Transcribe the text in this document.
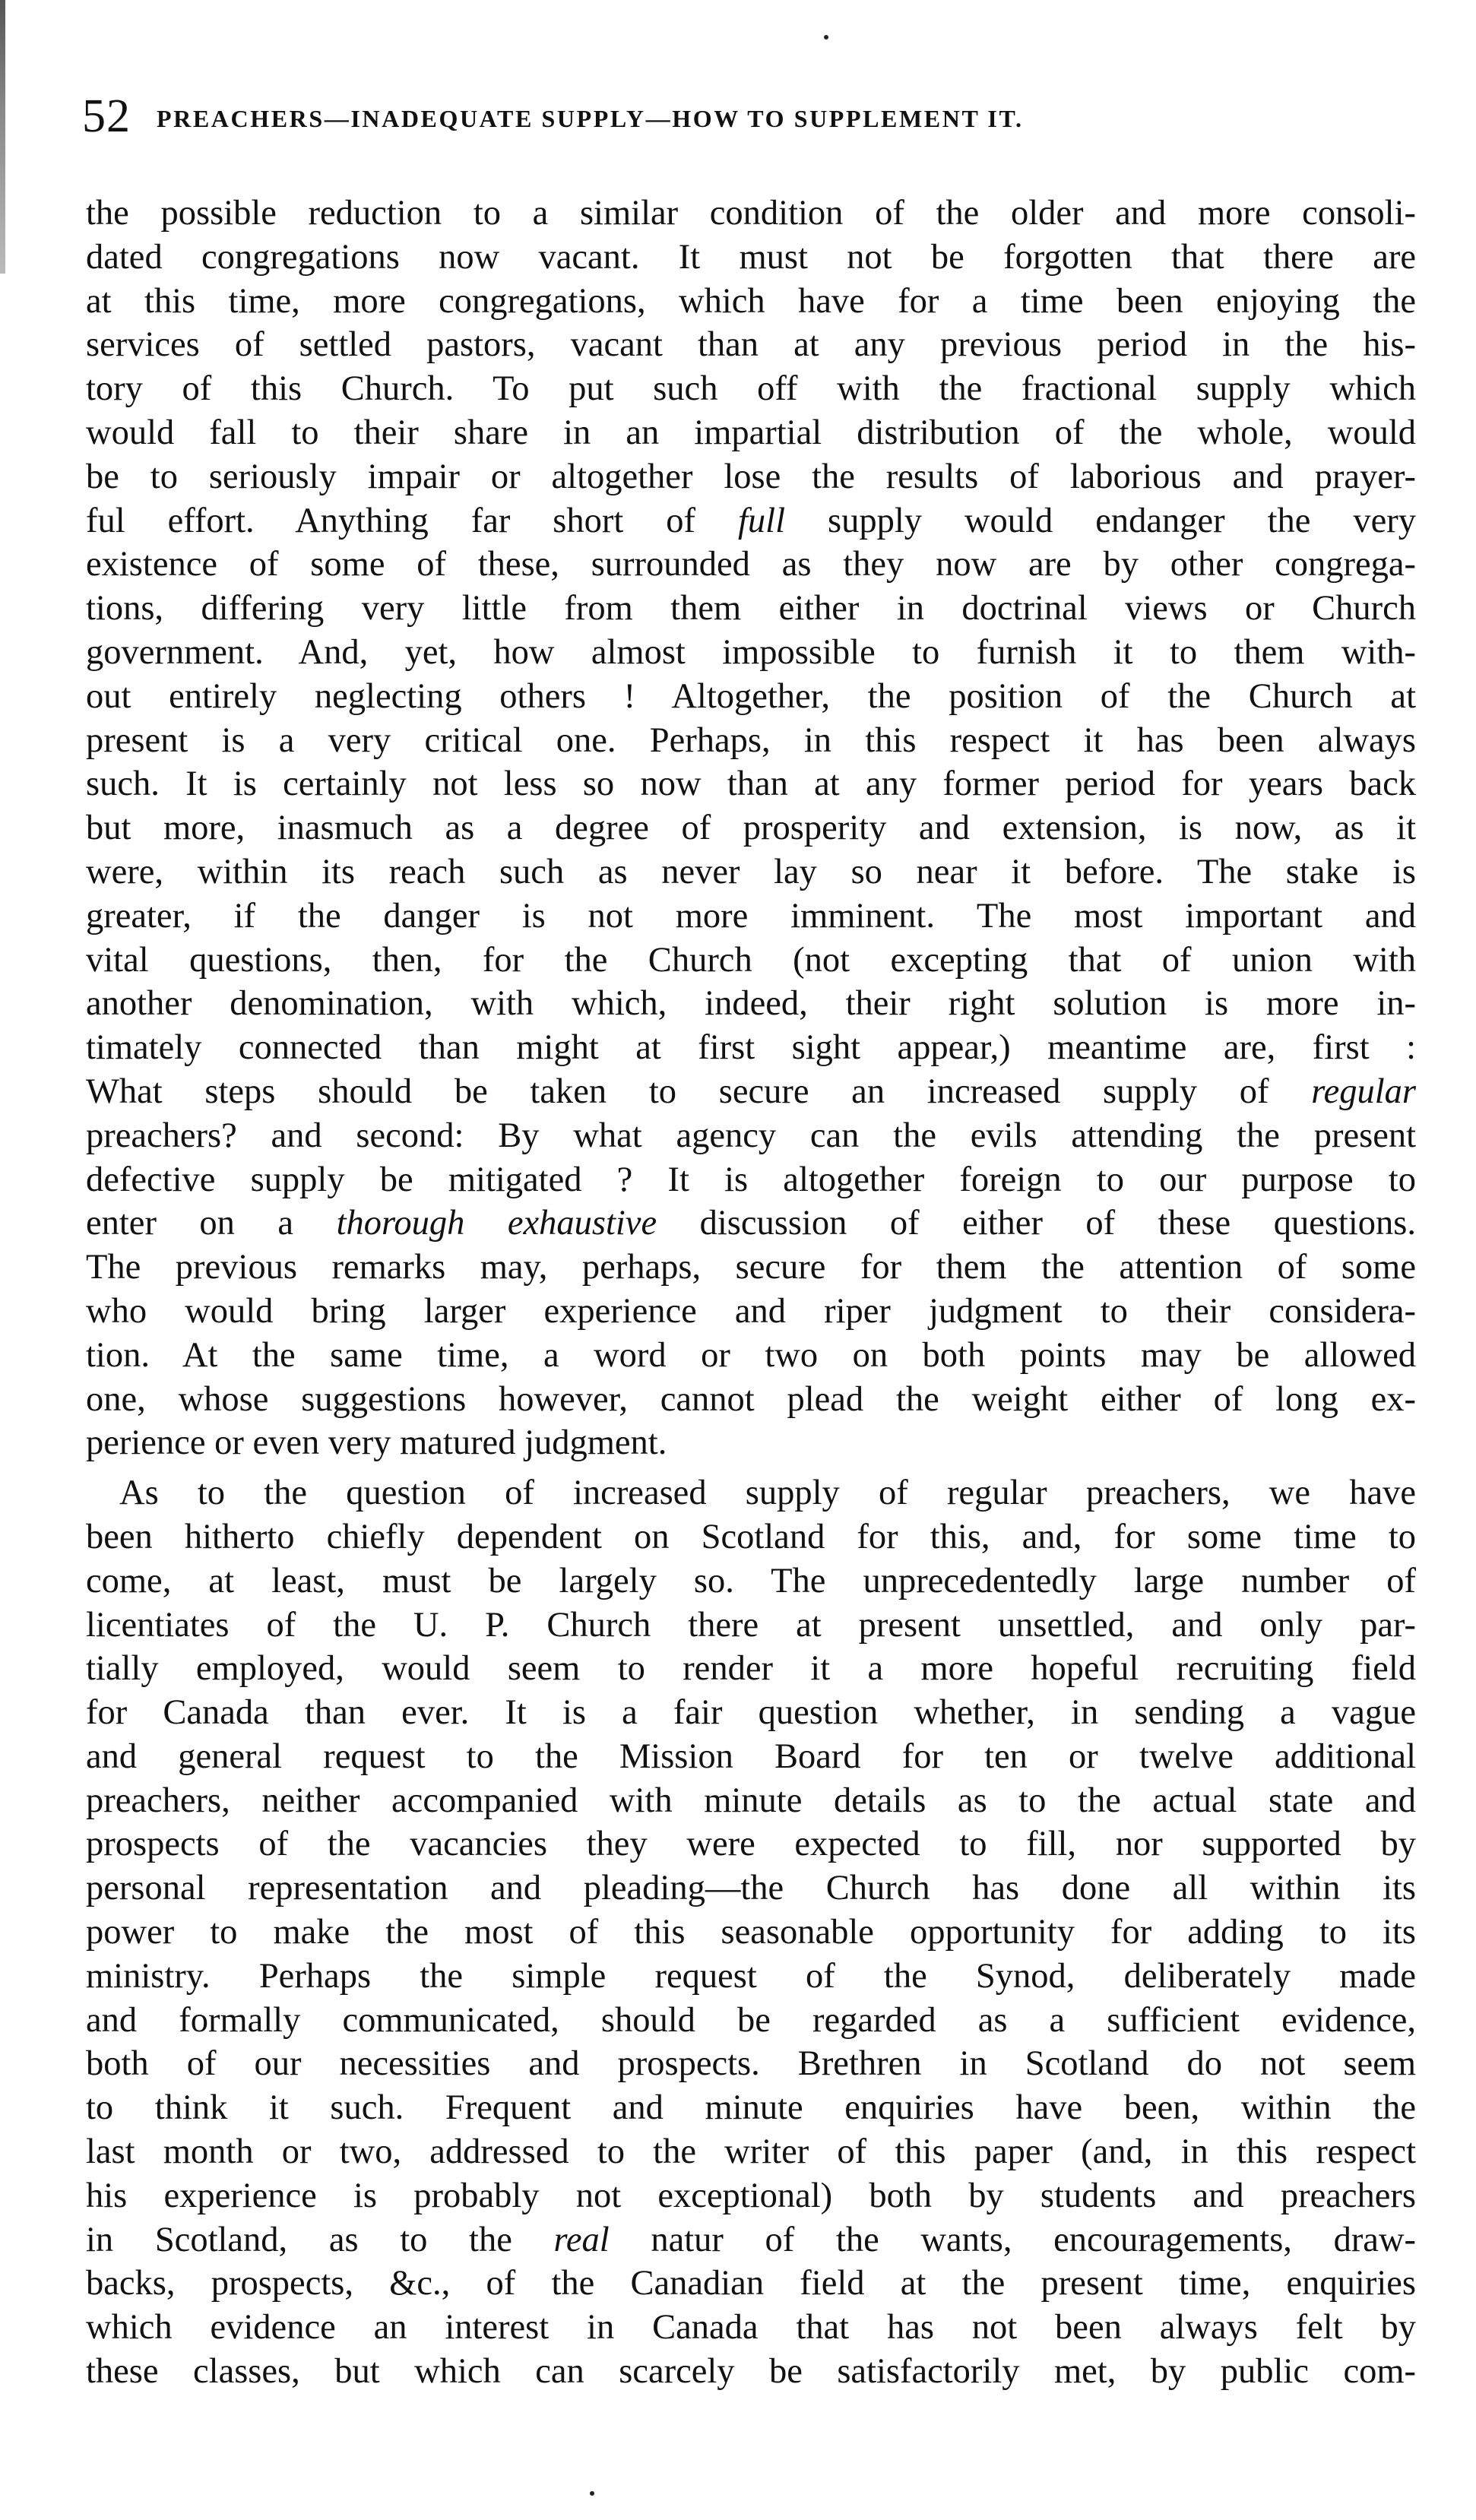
52 PREACHERS—INADEQUATE SUPPLY—HOW TO SUPPLEMENT IT.
the possible reduction to a similar condition of the older and more consoli-
dated congregations now vacant. It must not be forgotten that there are
at this time, more congregations, which have for a time been enjoying the
services of settled pastors, vacant than at any previous period in the his-
tory of this Church. To put such off with the fractional supply which
would fall to their share in an impartial distribution of the whole, would
be to seriously impair or altogether lose the results of laborious and prayer-
ful effort. Anything far short of full supply would endanger the very
existence of some of these, surrounded as they now are by other congrega-
tions, differing very little from them either in doctrinal views or Church
government. And, yet, how almost impossible to furnish it to them with-
out entirely neglecting others ! Altogether, the position of the Church at
present is a very critical one. Perhaps, in this respect it has been always
such. It is certainly not less so now than at any former period for years back
but more, inasmuch as a degree of prosperity and extension, is now, as it
were, within its reach such as never lay so near it before. The stake is
greater, if the danger is not more imminent. The most important and
vital questions, then, for the Church (not excepting that of union with
another denomination, with which, indeed, their right solution is more in-
timately connected than might at first sight appear,) meantime are, first :
What steps should be taken to secure an increased supply of regular
preachers? and second: By what agency can the evils attending the present
defective supply be mitigated ? It is altogether foreign to our purpose to
enter on a thorough exhaustive discussion of either of these questions.
The previous remarks may, perhaps, secure for them the attention of some
who would bring larger experience and riper judgment to their considera-
tion. At the same time, a word or two on both points may be allowed
one, whose suggestions however, cannot plead the weight either of long ex-
perience or even very matured judgment.
As to the question of increased supply of regular preachers, we have
been hitherto chiefly dependent on Scotland for this, and, for some time to
come, at least, must be largely so. The unprecedentedly large number of
licentiates of the U. P. Church there at present unsettled, and only par-
tially employed, would seem to render it a more hopeful recruiting field
for Canada than ever. It is a fair question whether, in sending a vague
and general request to the Mission Board for ten or twelve additional
preachers, neither accompanied with minute details as to the actual state and
prospects of the vacancies they were expected to fill, nor supported by
personal representation and pleading—the Church has done all within its
power to make the most of this seasonable opportunity for adding to its
ministry. Perhaps the simple request of the Synod, deliberately made
and formally communicated, should be regarded as a sufficient evidence,
both of our necessities and prospects. Brethren in Scotland do not seem
to think it such. Frequent and minute enquiries have been, within the
last month or two, addressed to the writer of this paper (and, in this respect
his experience is probably not exceptional) both by students and preachers
in Scotland, as to the real natur of the wants, encouragements, draw-
backs, prospects, &c., of the Canadian field at the present time, enquiries
which evidence an interest in Canada that has not been always felt by
these classes, but which can scarcely be satisfactorily met, by public com-
